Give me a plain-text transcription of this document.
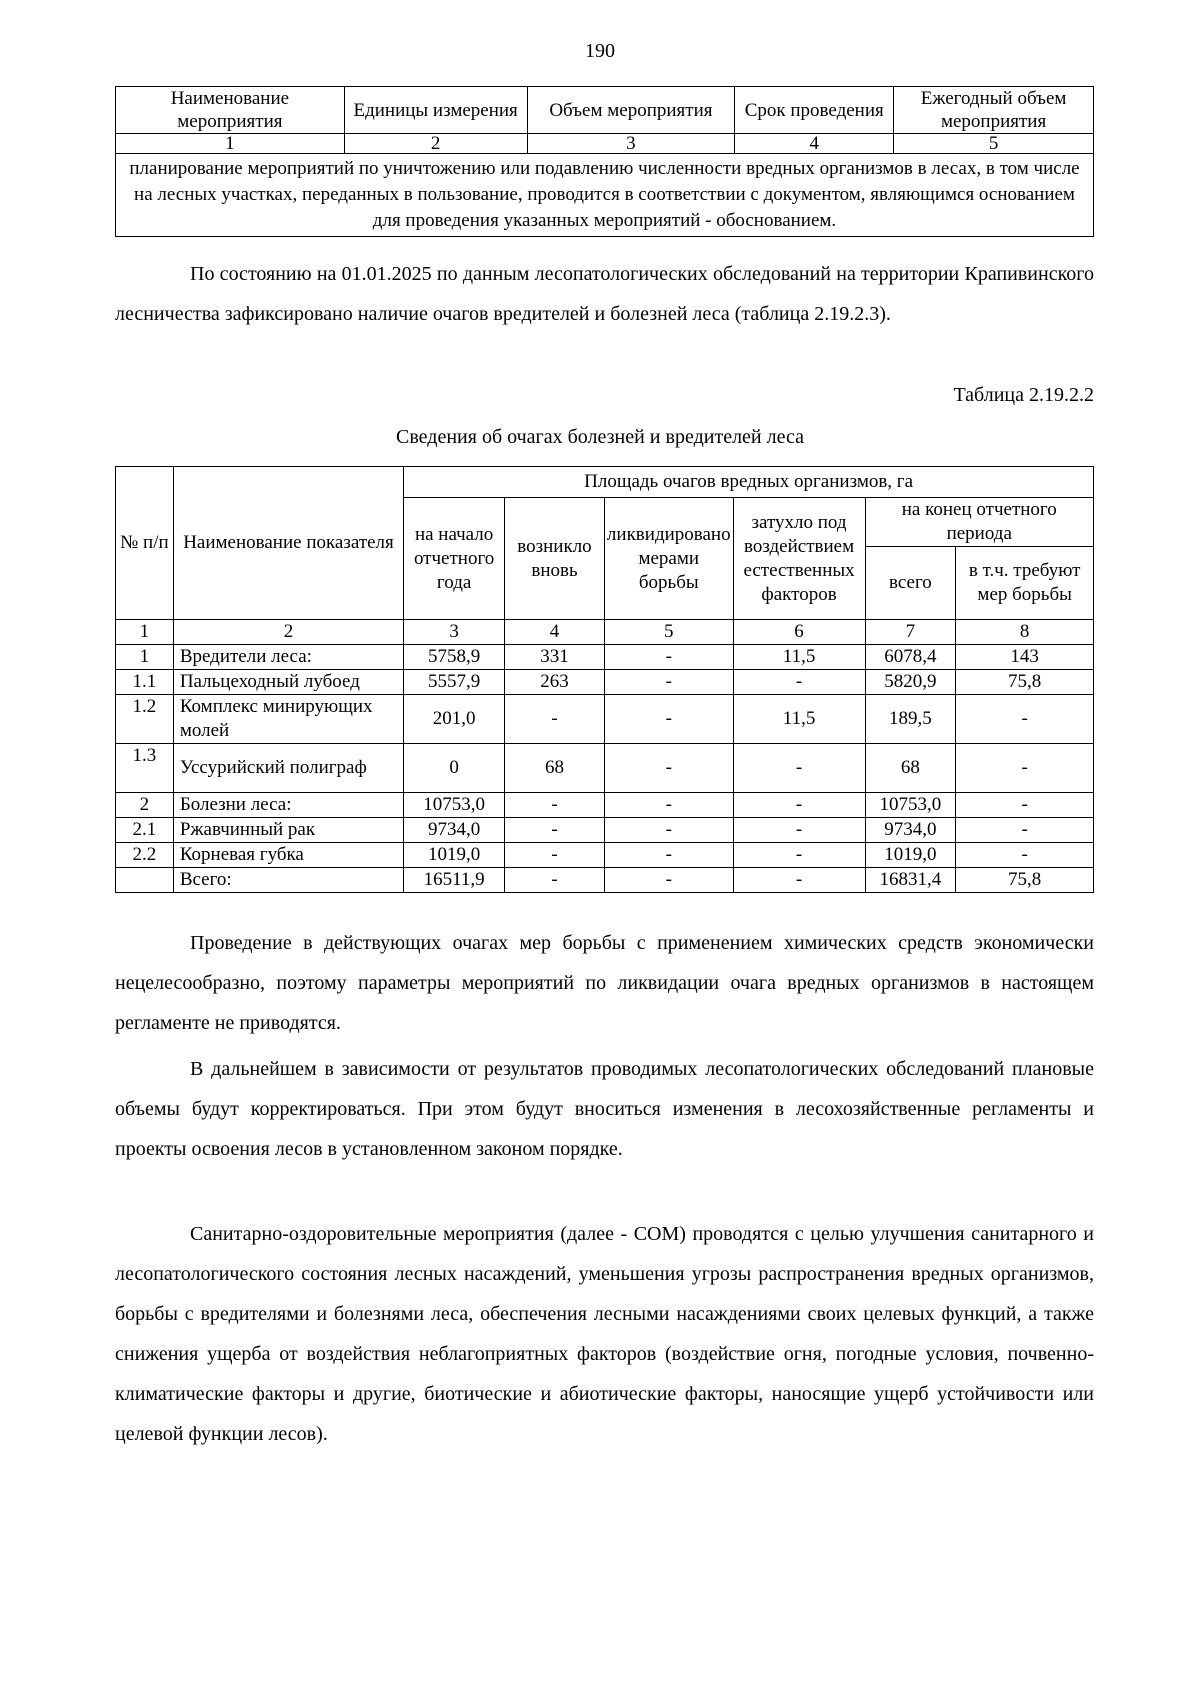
190
Наименование мероприятия	Единицы измерения	Объем мероприятия	Срок проведения	Ежегодный объем мероприятия
1	2	3	4	5
планирование мероприятий по уничтожению или подавлению численности вредных организмов в лесах, в том числе на лесных участках, переданных в пользование, проводится в соответствии с документом, являющимся основанием для проведения указанных мероприятий - обоснованием.				

По состоянию на 01.01.2025 по данным лесопатологических обследований на территории Крапивинского лесничества зафиксировано наличие очагов вредителей и болезней леса (таблица 2.19.2.3).

Таблица 2.19.2.2
Сведения об очагах болезней и вредителей леса
№ п/п	Наименование показателя	Площадь очагов вредных организмов, га					
		на начало отчетного года	возникло вновь	ликвидировано мерами борьбы	затухло под воздействием естественных факторов	на конец отчетного периода	
						всего	в т.ч. требуют мер борьбы
1	2	3	4	5	6	7	8
1	Вредители леса:	5758,9	331	-	11,5	6078,4	143
1.1	Пальцеходный лубоед	5557,9	263	-	-	5820,9	75,8
1.2	Комплекс минирующих молей	201,0	-	-	11,5	189,5	-
1.3	Уссурийский полиграф	0	68	-	-	68	-
2	Болезни леса:	10753,0	-	-	-	10753,0	-
2.1	Ржавчинный рак	9734,0	-	-	-	9734,0	-
2.2	Корневая губка	1019,0	-	-	-	1019,0	-
	Всего:	16511,9	-	-	-	16831,4	75,8

Проведение в действующих очагах мер борьбы с применением химических средств экономически нецелесообразно, поэтому параметры мероприятий по ликвидации очага вредных организмов в настоящем регламенте не приводятся.

В дальнейшем в зависимости от результатов проводимых лесопатологических обследований плановые объемы будут корректироваться. При этом будут вноситься изменения в лесохозяйственные регламенты и проекты освоения лесов в установленном законом порядке.

Санитарно-оздоровительные мероприятия (далее - СОМ) проводятся с целью улучшения санитарного и лесопатологического состояния лесных насаждений, уменьшения угрозы распространения вредных организмов, борьбы с вредителями и болезнями леса, обеспечения лесными насаждениями своих целевых функций, а также снижения ущерба от воздействия неблагоприятных факторов (воздействие огня, погодные условия, почвенно-климатические факторы и другие, биотические и абиотические факторы, наносящие ущерб устойчивости или целевой функции лесов).
